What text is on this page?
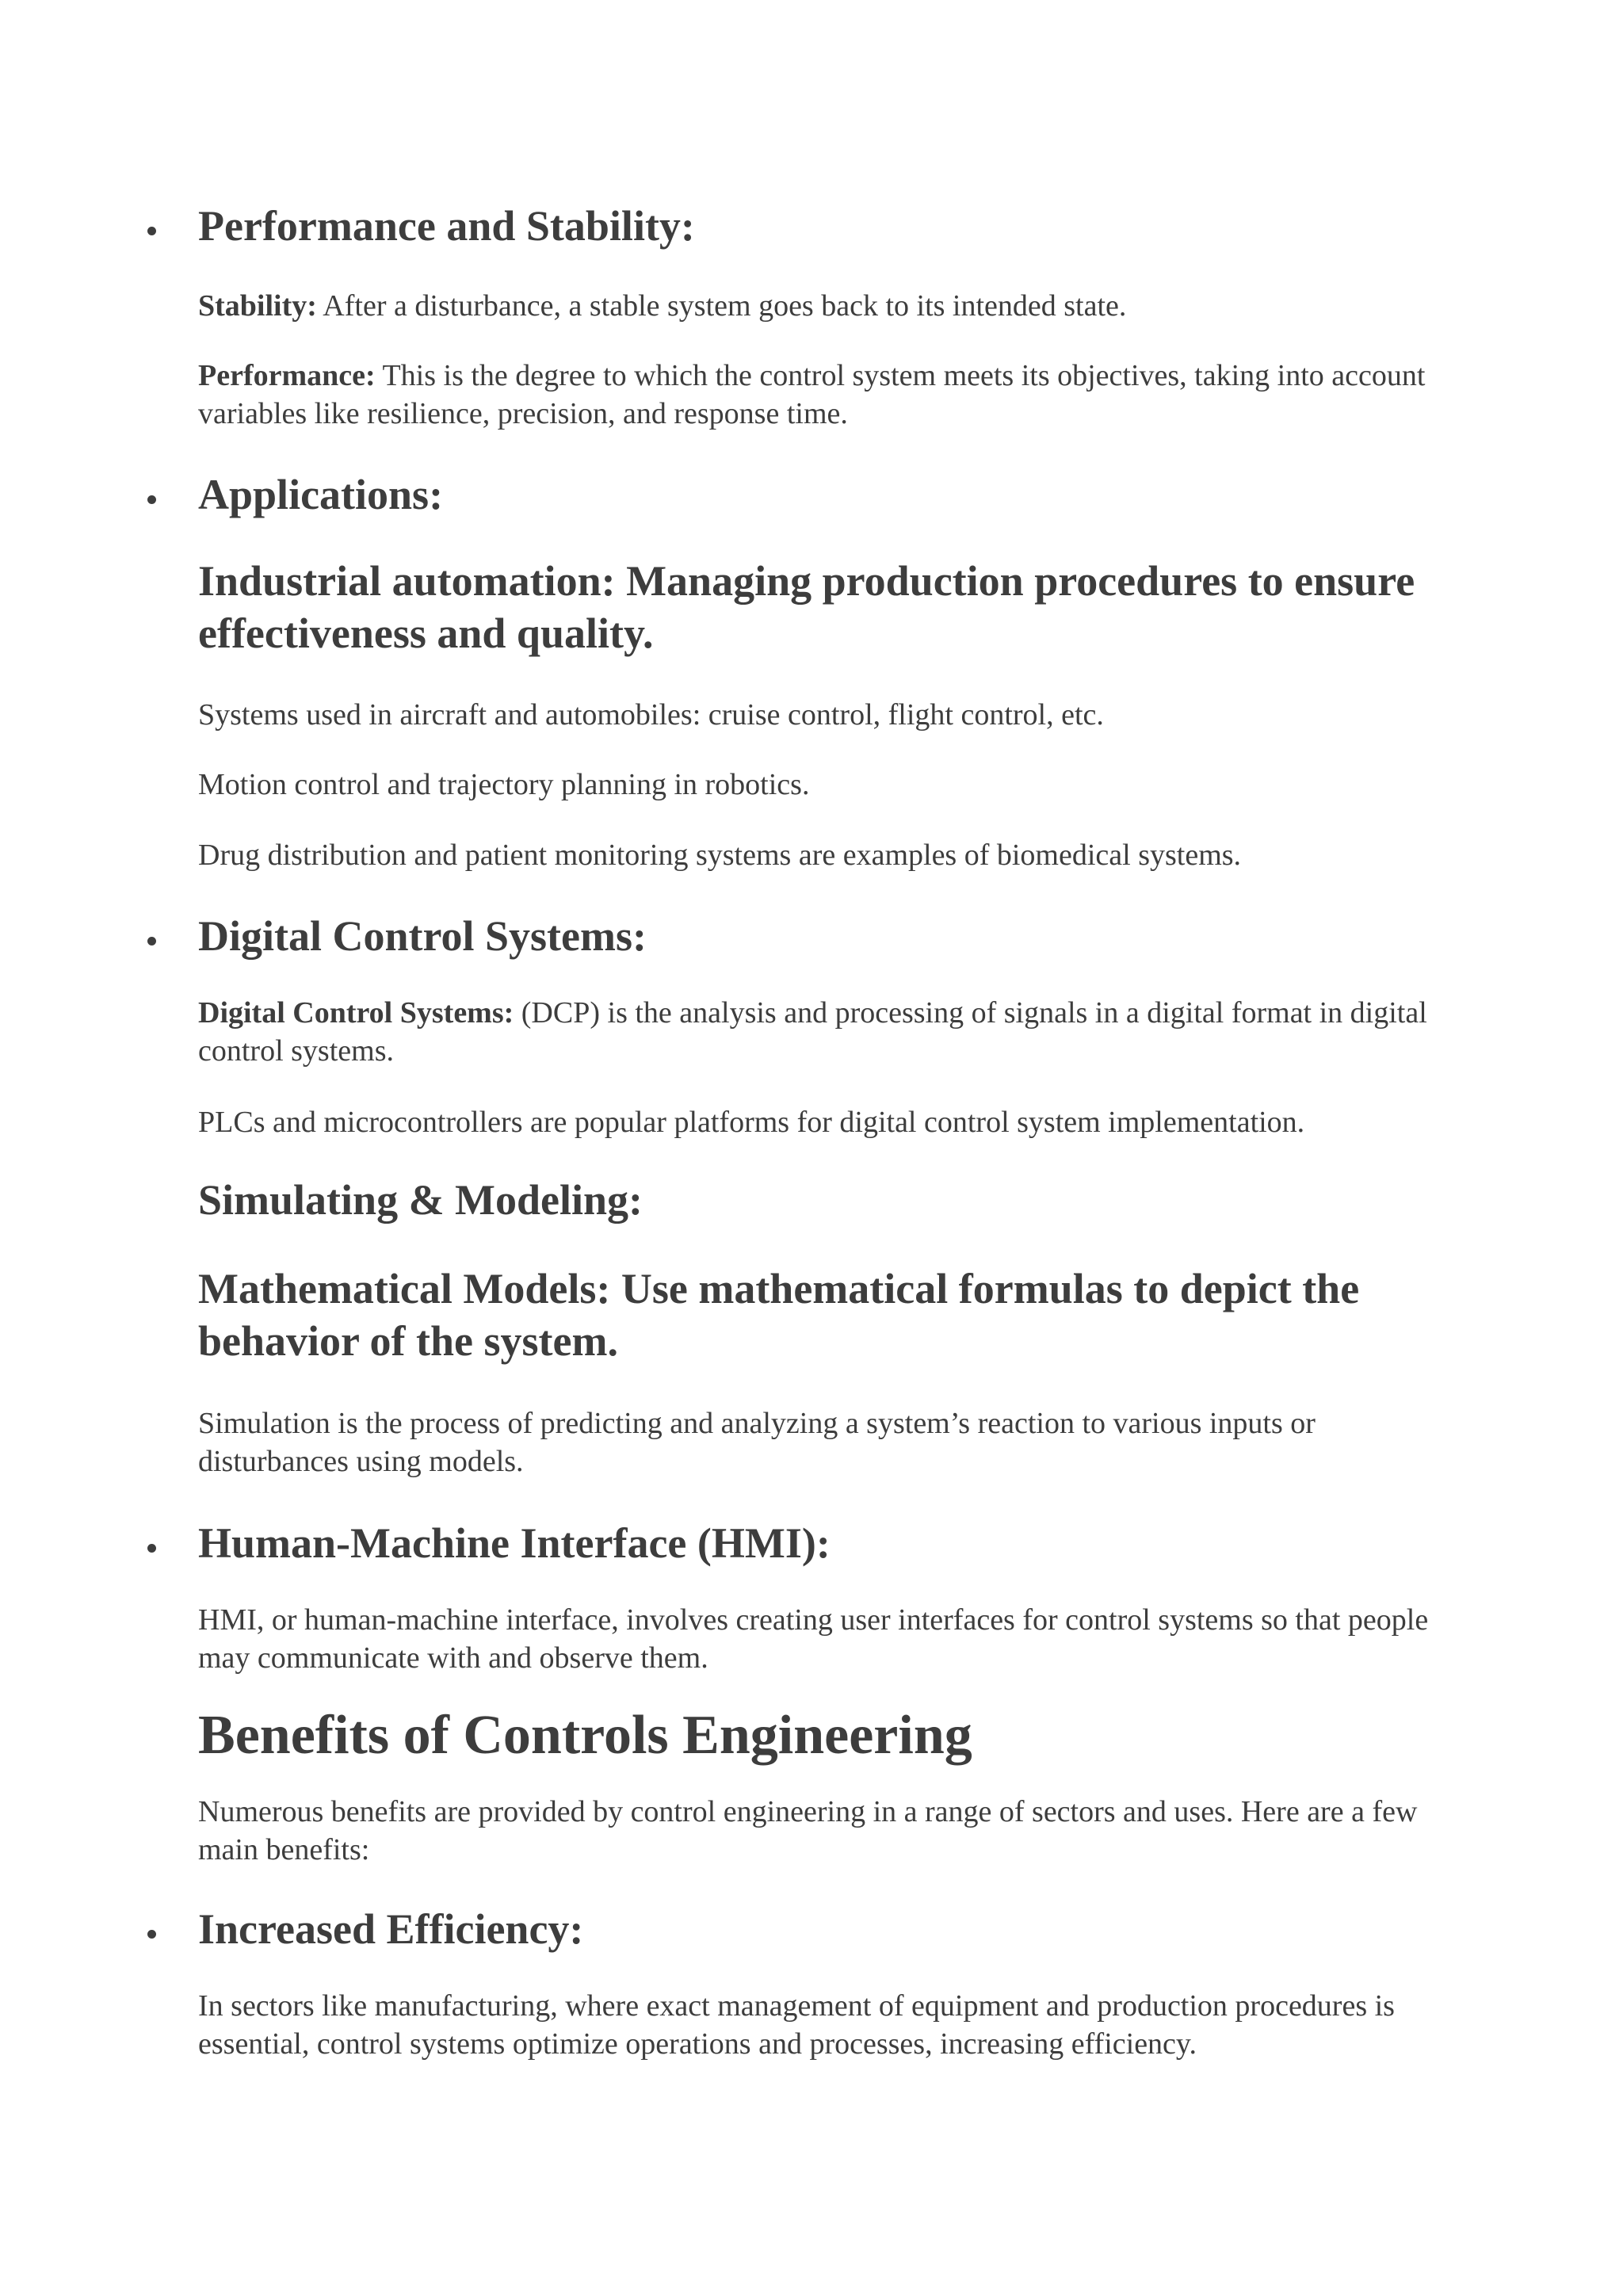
Performance and Stability:

Stability: After a disturbance, a stable system goes back to its intended state.

Performance: This is the degree to which the control system meets its objectives, taking into account variables like resilience, precision, and response time.

Applications:
Industrial automation: Managing production procedures to ensure effectiveness and quality.

Systems used in aircraft and automobiles: cruise control, flight control, etc.

Motion control and trajectory planning in robotics.

Drug distribution and patient monitoring systems are examples of biomedical systems.

Digital Control Systems:

Digital Control Systems: (DCP) is the analysis and processing of signals in a digital format in digital control systems.

PLCs and microcontrollers are popular platforms for digital control system implementation.

Simulating & Modeling:
Mathematical Models: Use mathematical formulas to depict the behavior of the system.

Simulation is the process of predicting and analyzing a system’s reaction to various inputs or disturbances using models.

Human-Machine Interface (HMI):

HMI, or human-machine interface, involves creating user interfaces for control systems so that people may communicate with and observe them.

Benefits of Controls Engineering

Numerous benefits are provided by control engineering in a range of sectors and uses. Here are a few main benefits:

Increased Efficiency:

In sectors like manufacturing, where exact management of equipment and production procedures is essential, control systems optimize operations and processes, increasing efficiency.
